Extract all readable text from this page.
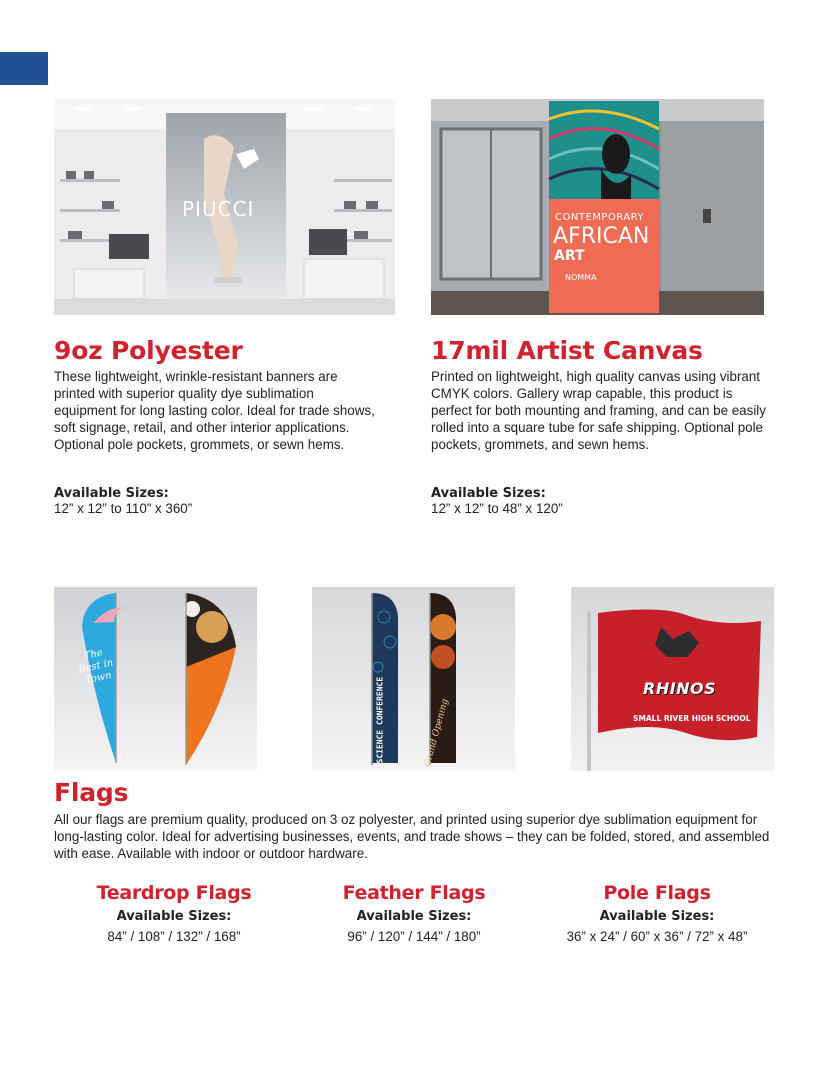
PIUCCI	CONTEMPORARY
AFRICAN
ART
NOMMA
9oz Polyester

These lightweight, wrinkle-resistant banners are printed with superior quality dye sublimation equipment for long lasting color. Ideal for trade shows, soft signage, retail, and other interior applications. Optional pole pockets, grommets, or sewn hems.

Available Sizes:

12” x 12” to 110” x 360”

17mil Artist Canvas

Printed on lightweight, high quality canvas using vibrant CMYK colors. Gallery wrap capable, this product is perfect for both mounting and framing, and can be easily rolled into a square tube for safe shipping. Optional pole pockets, grommets, and sewn hems.

Available Sizes:

12” x 12” to 48” x 120”

The Best in Town	SCIENCE CONFERENCE	Grand Opening
RHINOS
SMALL RIVER HIGH SCHOOL
Flags

All our flags are premium quality, produced on 3 oz polyester, and printed using superior dye sublimation equipment for long-lasting color. Ideal for advertising businesses, events, and trade shows – they can be folded, stored, and assembled with ease. Available with indoor or outdoor hardware.

Teardrop Flags

Available Sizes:

84” / 108” / 132” / 168”

Feather Flags

Available Sizes:

96” / 120” / 144” / 180”

Pole Flags

Available Sizes:

36” x 24” / 60” x 36” / 72” x 48”
